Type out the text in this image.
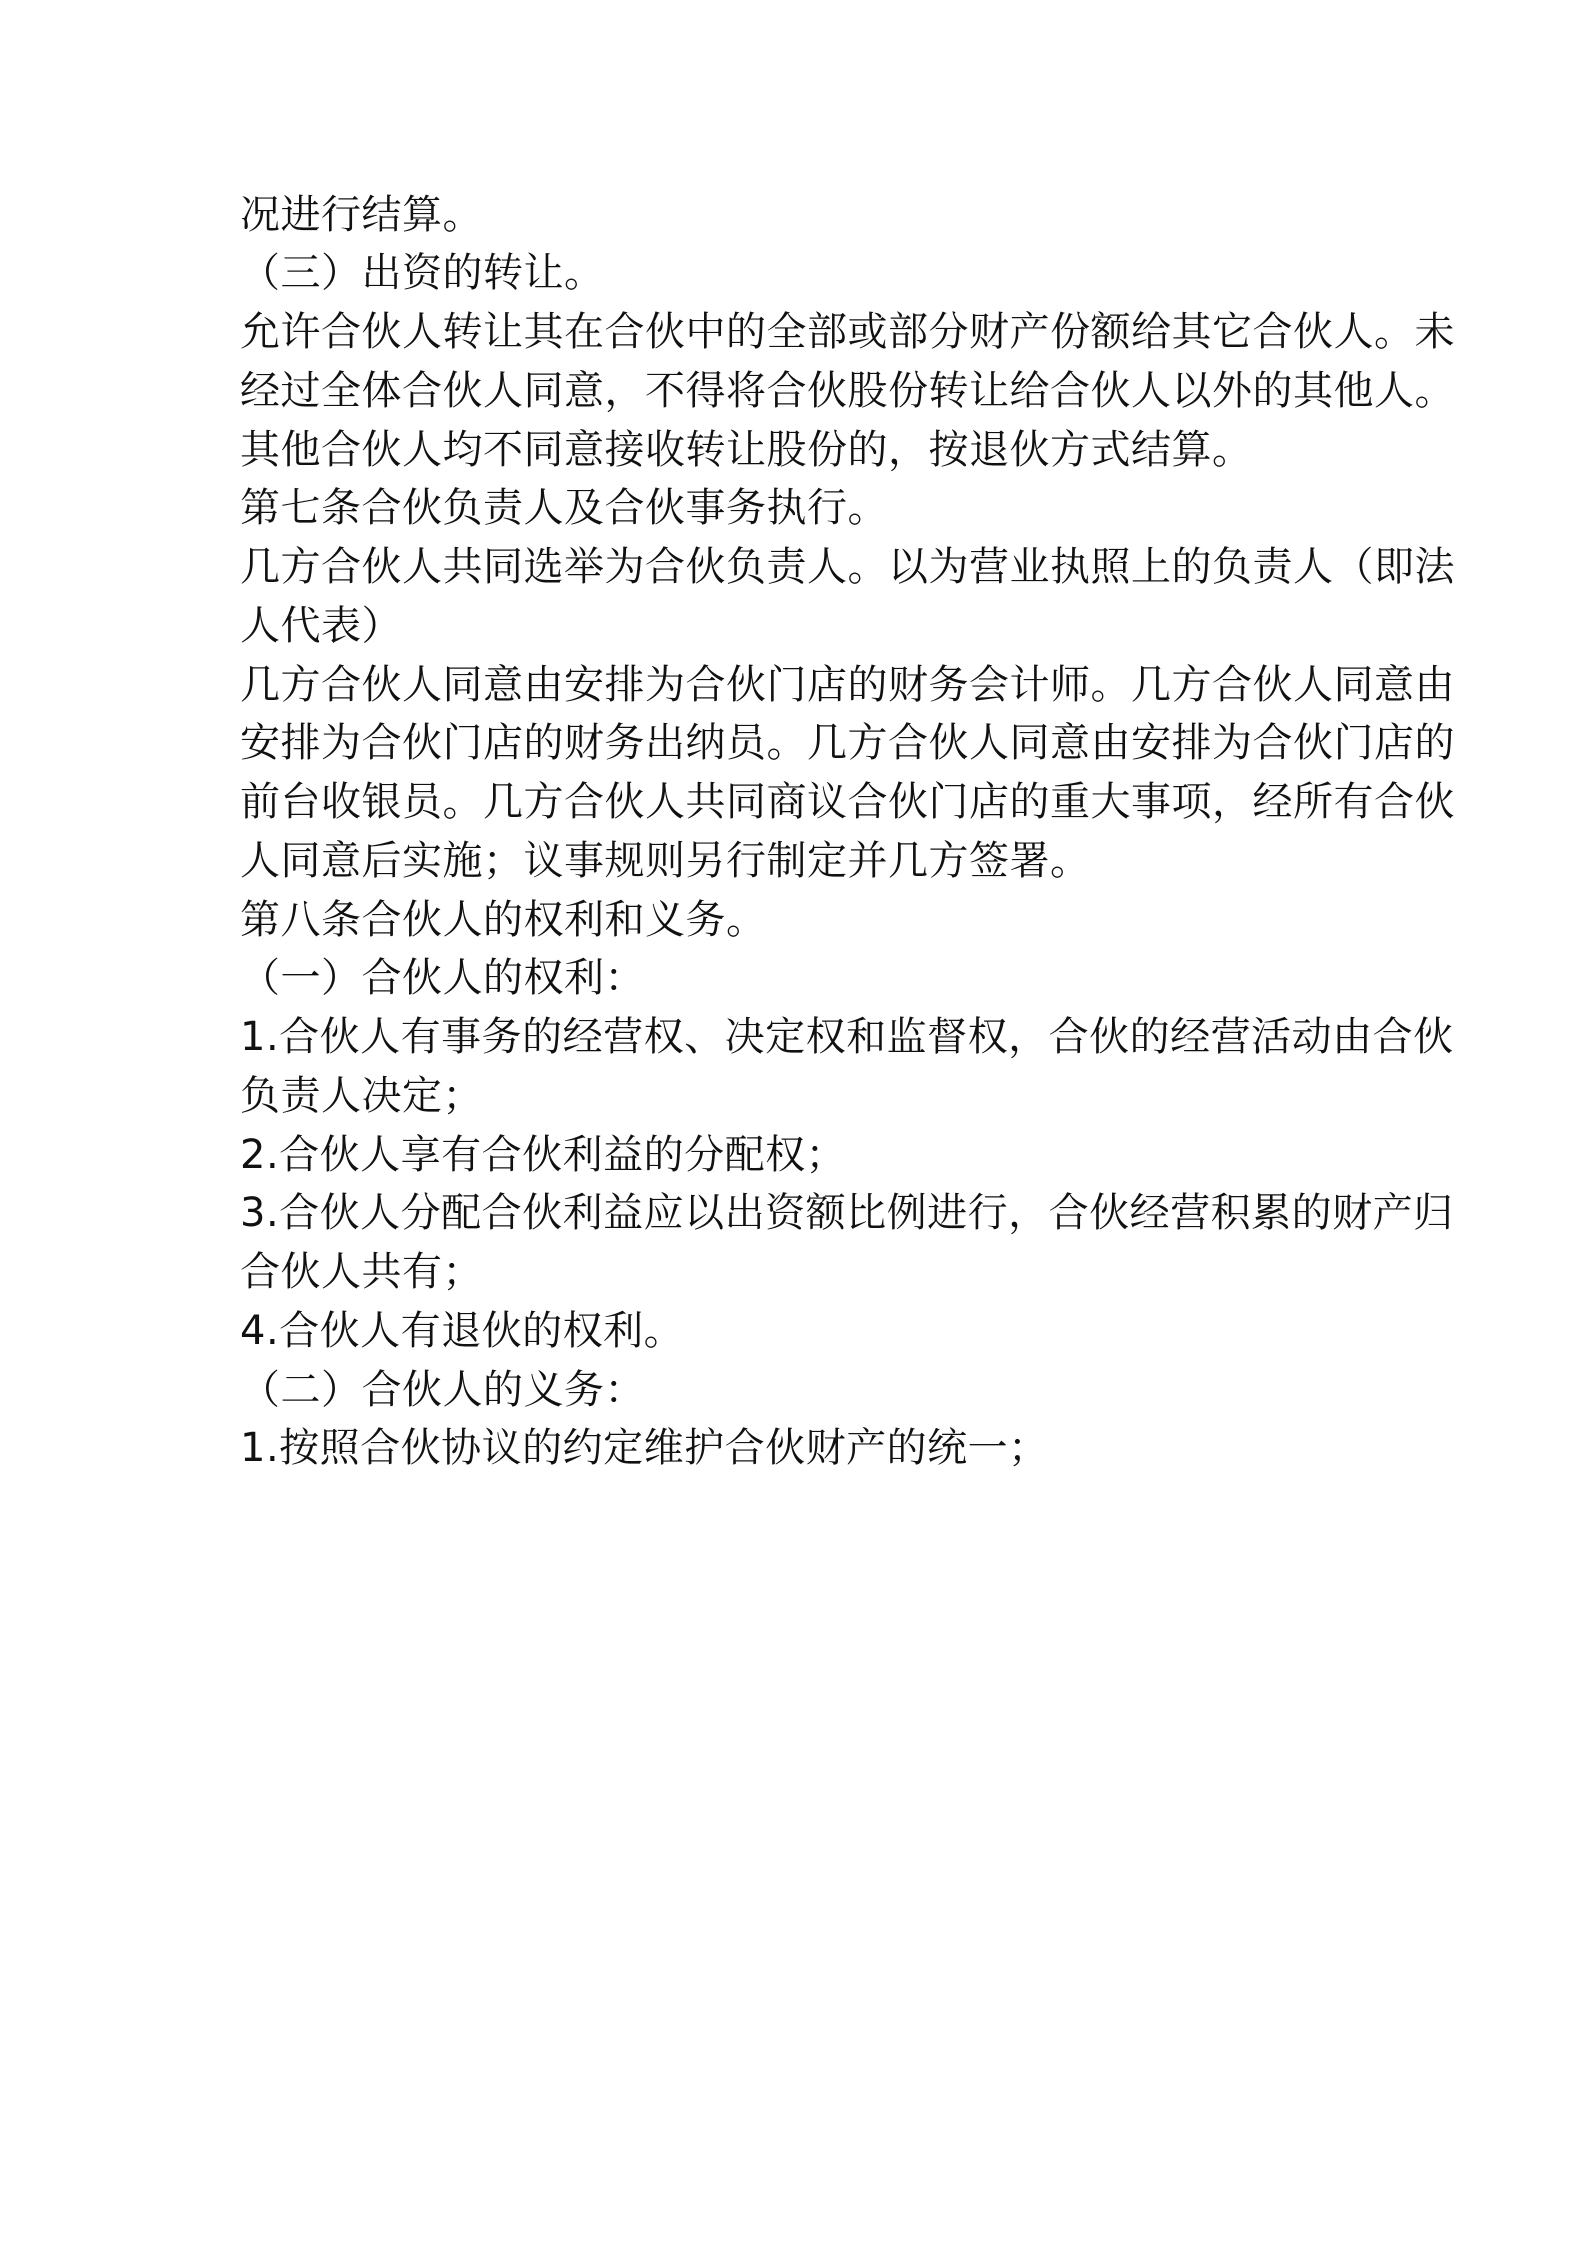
况进行结算。
（三）出资的转让。
允许合伙人转让其在合伙中的全部或部分财产份额给其它合伙人。未
经过全体合伙人同意，不得将合伙股份转让给合伙人以外的其他人。
其他合伙人均不同意接收转让股份的，按退伙方式结算。
第七条合伙负责人及合伙事务执行。
几方合伙人共同选举为合伙负责人。以为营业执照上的负责人（即法
人代表）
几方合伙人同意由安排为合伙门店的财务会计师。几方合伙人同意由
安排为合伙门店的财务出纳员。几方合伙人同意由安排为合伙门店的
前台收银员。几方合伙人共同商议合伙门店的重大事项，经所有合伙
人同意后实施；议事规则另行制定并几方签署。
第八条合伙人的权利和义务。
（一）合伙人的权利：
1.合伙人有事务的经营权、决定权和监督权，合伙的经营活动由合伙
负责人决定；
2.合伙人享有合伙利益的分配权；
3.合伙人分配合伙利益应以出资额比例进行，合伙经营积累的财产归
合伙人共有；
4.合伙人有退伙的权利。
（二）合伙人的义务：
1.按照合伙协议的约定维护合伙财产的统一；
